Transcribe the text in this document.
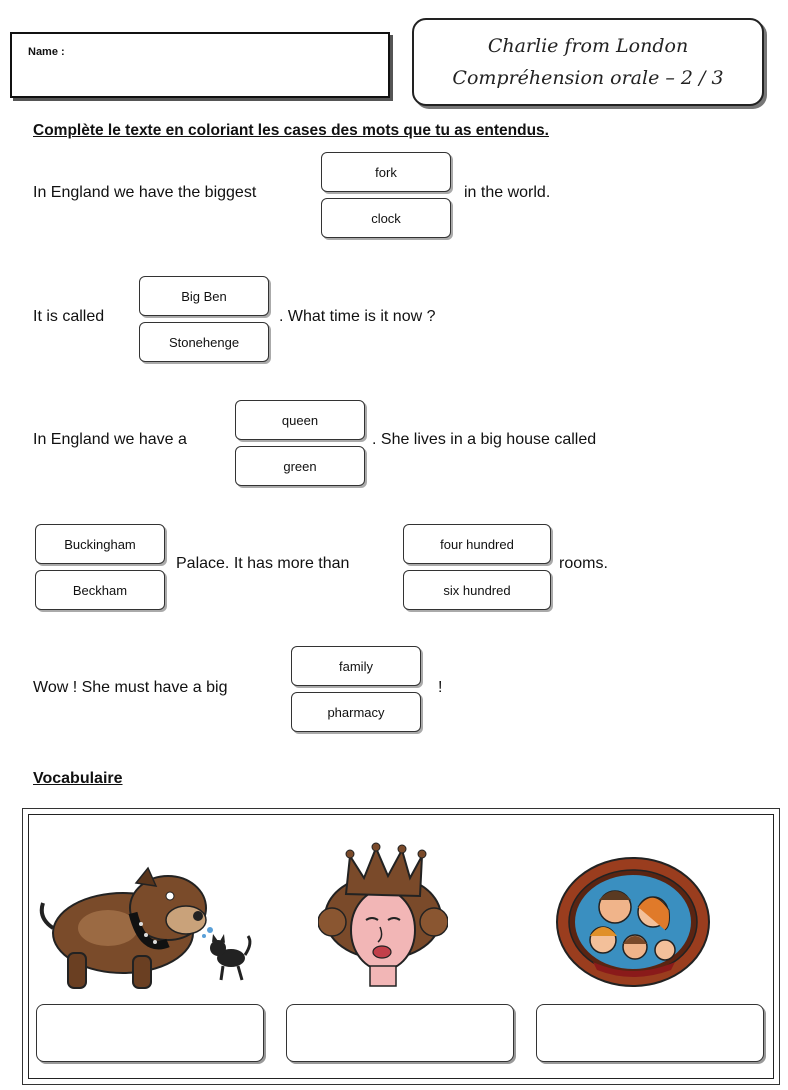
Name :	Charlie from London
Compréhension orale – 2 / 3
Complète le texte en coloriant les cases des mots que tu as entendus.
In England we have the biggest
fork
clock
in the world.
It is called
Big Ben
Stonehenge
. What time is it now ?
In England we have a
queen
green
. She lives in a big house called
Buckingham
Beckham
Palace. It has more than
four hundred
six hundred
rooms.
Wow ! She must have a big
family
pharmacy
!
Vocabulaire
